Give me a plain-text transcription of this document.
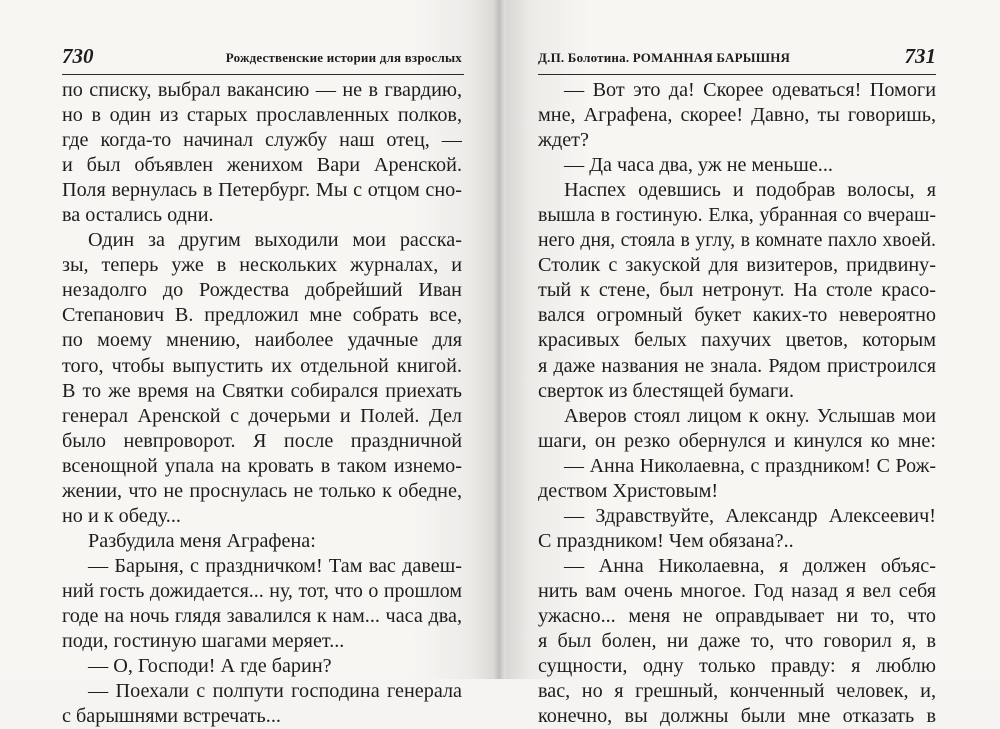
730	Рождественские истории для взрослых
по списку, выбрал вакансию — не в гвардию,
но в один из старых прославленных полков,
где когда-то начинал службу наш отец, —
и был объявлен женихом Вари Аренской.
Поля вернулась в Петербург. Мы с отцом сно-
ва остались одни.
Один за другим выходили мои расска-
зы, теперь уже в нескольких журналах, и
незадолго до Рождества добрейший Иван
Степанович В. предложил мне собрать все,
по моему мнению, наиболее удачные для
того, чтобы выпустить их отдельной книгой.
В то же время на Святки собирался приехать
генерал Аренской с дочерьми и Полей. Дел
было невпроворот. Я после праздничной
всенощной упала на кровать в таком изнемо-
жении, что не проснулась не только к обедне,
но и к обеду...
Разбудила меня Аграфена:
— Барыня, с праздничком! Там вас давеш-
ний гость дожидается... ну, тот, что о прошлом
годе на ночь глядя завалился к нам... часа два,
поди, гостиную шагами меряет...
— О, Господи! А где барин?
— Поехали с полпути господина генерала
с барышнями встречать...
Д.П. Болотина. РОМАННАЯ БАРЫШНЯ	731
— Вот это да! Скорее одеваться! Помоги
мне, Аграфена, скорее! Давно, ты говоришь,
ждет?
— Да часа два, уж не меньше...
Наспех одевшись и подобрав волосы, я
вышла в гостиную. Елка, убранная со вчераш-
него дня, стояла в углу, в комнате пахло хвоей.
Столик с закуской для визитеров, придвину-
тый к стене, был нетронут. На столе красо-
вался огромный букет каких-то невероятно
красивых белых пахучих цветов, которым
я даже названия не знала. Рядом пристроился
сверток из блестящей бумаги.
Аверов стоял лицом к окну. Услышав мои
шаги, он резко обернулся и кинулся ко мне:
— Анна Николаевна, с праздником! С Рож-
деством Христовым!
— Здравствуйте, Александр Алексеевич!
С праздником! Чем обязана?..
— Анна Николаевна, я должен объяс-
нить вам очень многое. Год назад я вел себя
ужасно... меня не оправдывает ни то, что
я был болен, ни даже то, что говорил я, в
сущности, одну только правду: я люблю
вас, но я грешный, конченный человек, и,
конечно, вы должны были мне отказать в
